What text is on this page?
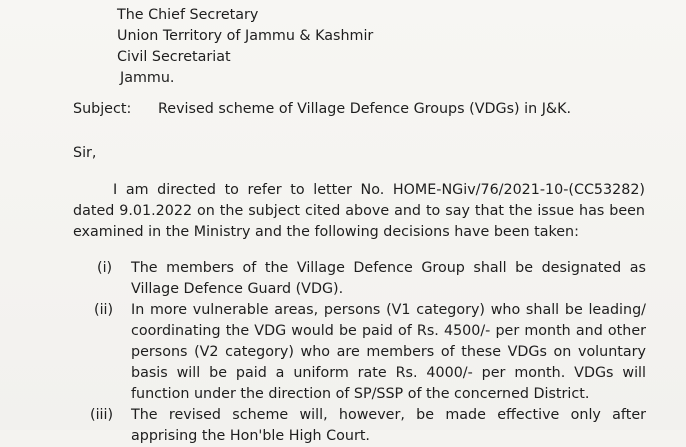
The Chief Secretary
Union Territory of Jammu & Kashmir
Civil Secretariat
Jammu.
Subject: Revised scheme of Village Defence Groups (VDGs) in J&K.
Sir,
I am directed to refer to letter No. HOME-NGiv/76/2021-10-(CC53282)
dated 9.01.2022 on the subject cited above and to say that the issue has been
examined in the Ministry and the following decisions have been taken:
(i)	The members of the Village Defence Group shall be designated as
Village Defence Guard (VDG).
(ii)	In more vulnerable areas, persons (V1 category) who shall be leading/
coordinating the VDG would be paid of Rs. 4500/- per month and other
persons (V2 category) who are members of these VDGs on voluntary
basis will be paid a uniform rate Rs. 4000/- per month. VDGs will
function under the direction of SP/SSP of the concerned District.
(iii)	The revised scheme will, however, be made effective only after
apprising the Hon'ble High Court.
